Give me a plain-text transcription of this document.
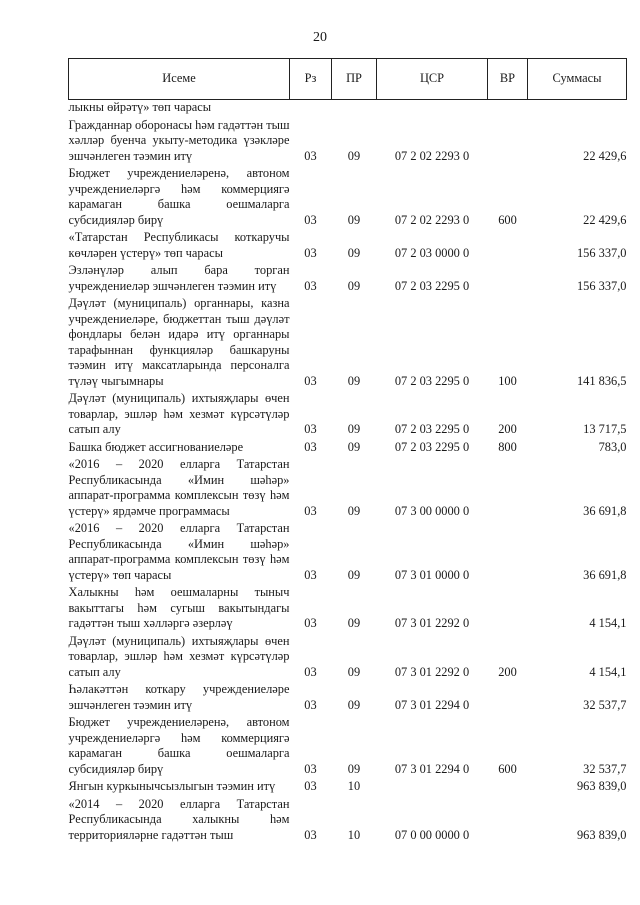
20
Исеме	Рз	ПР	ЦСР	ВР	Суммасы
лыкны өйрәтү» төп чарасы					
Гражданнар оборонасы һәм гадәттән тыш хәлләр буенча укыту-методика үзәкләре эшчәнлеген тәэмин итү	03	09	07 2 02 2293 0		22 429,6
Бюджет учреждениеләренә, автоном учреждениеләргә һәм коммерциягә карамаган башка оешмаларга субсидияләр бирү	03	09	07 2 02 2293 0	600	22 429,6
«Татарстан Республикасы коткаручы көчләрен үстерү» төп чарасы	03	09	07 2 03 0000 0		156 337,0
Эзләнүләр алып бара торган учреждениеләр эшчәнлеген тәэмин итү	03	09	07 2 03 2295 0		156 337,0
Дәүләт (муниципаль) органнары, казна учреждениеләре, бюджеттан тыш дәүләт фондлары белән идарә итү органнары тарафыннан функцияләр башкаруны тәэмин итү максатларында персоналга түләү чыгымнары	03	09	07 2 03 2295 0	100	141 836,5
Дәүләт (муниципаль) ихтыяҗлары өчен товарлар, эшләр һәм хезмәт күрсәтүләр сатып алу	03	09	07 2 03 2295 0	200	13 717,5
Башка бюджет ассигнованиеләре	03	09	07 2 03 2295 0	800	783,0
«2016 – 2020 елларга Татарстан Республикасында «Имин шәһәр» аппарат-программа комплексын төзү һәм үстерү» ярдәмче программасы	03	09	07 3 00 0000 0		36 691,8
«2016 – 2020 елларга Татарстан Республикасында «Имин шәһәр» аппарат-программа комплексын төзү һәм үстерү» төп чарасы	03	09	07 3 01 0000 0		36 691,8
Халыкны һәм оешмаларны тыныч вакыттагы һәм сугыш вакытындагы гадәттән тыш хәлләргә әзерләү	03	09	07 3 01 2292 0		4 154,1
Дәүләт (муниципаль) ихтыяҗлары өчен товарлар, эшләр һәм хезмәт күрсәтүләр сатып алу	03	09	07 3 01 2292 0	200	4 154,1
Һәлакәттән коткару учреждениеләре эшчәнлеген тәэмин итү	03	09	07 3 01 2294 0		32 537,7
Бюджет учреждениеләренә, автоном учреждениеләргә һәм коммерциягә карамаган башка оешмаларга субсидияләр бирү	03	09	07 3 01 2294 0	600	32 537,7
Янгын куркынычсызлыгын тәэмин итү	03	10			963 839,0
«2014 – 2020 елларга Татарстан Республикасында халыкны һәм территорияләрне гадәттән тыш	03	10	07 0 00 0000 0		963 839,0
